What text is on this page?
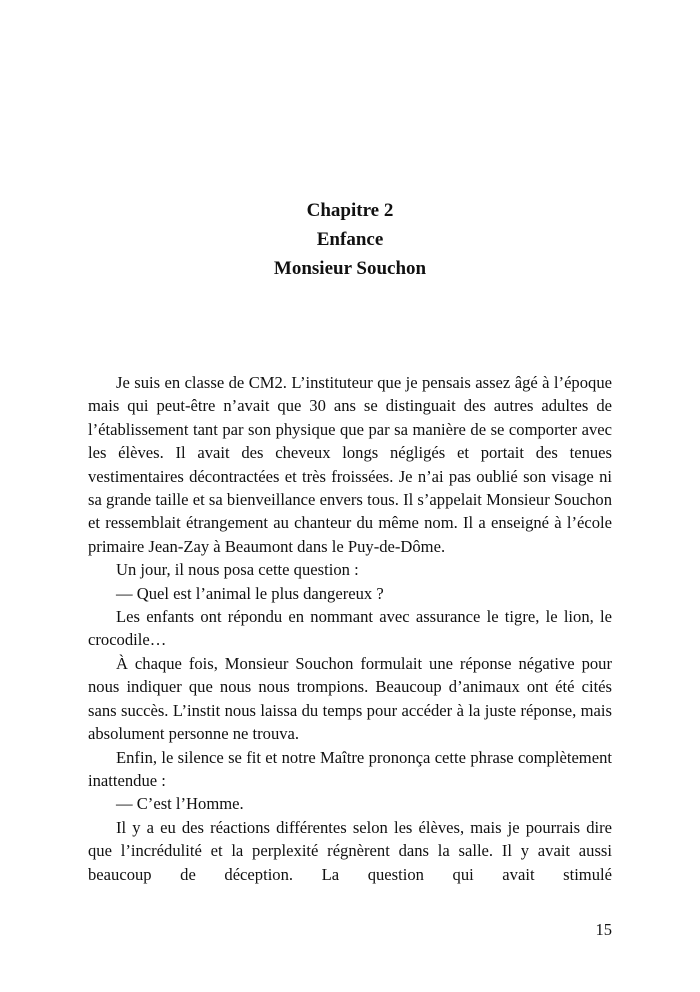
Chapitre 2
Enfance
Monsieur Souchon

Je suis en classe de CM2. L’instituteur que je pensais assez âgé à l’époque mais qui peut-être n’avait que 30 ans se distinguait des autres adultes de l’établissement tant par son physique que par sa manière de se comporter avec les élèves. Il avait des cheveux longs négligés et portait des tenues vestimentaires décontractées et très froissées. Je n’ai pas oublié son visage ni sa grande taille et sa bienveillance envers tous. Il s’appelait Monsieur Souchon et ressemblait étrangement au chanteur du même nom. Il a enseigné à l’école primaire Jean-Zay à Beaumont dans le Puy-de-Dôme.

Un jour, il nous posa cette question :

— Quel est l’animal le plus dangereux ?

Les enfants ont répondu en nommant avec assurance le tigre, le lion, le crocodile…

À chaque fois, Monsieur Souchon formulait une réponse négative pour nous indiquer que nous nous trompions. Beaucoup d’animaux ont été cités sans succès. L’instit nous laissa du temps pour accéder à la juste réponse, mais absolument personne ne trouva.

Enfin, le silence se fit et notre Maître prononça cette phrase complètement inattendue :

— C’est l’Homme.

Il y a eu des réactions différentes selon les élèves, mais je pourrais dire que l’incrédulité et la perplexité régnèrent dans la salle. Il y avait aussi beaucoup de déception. La question qui avait stimulé

15
